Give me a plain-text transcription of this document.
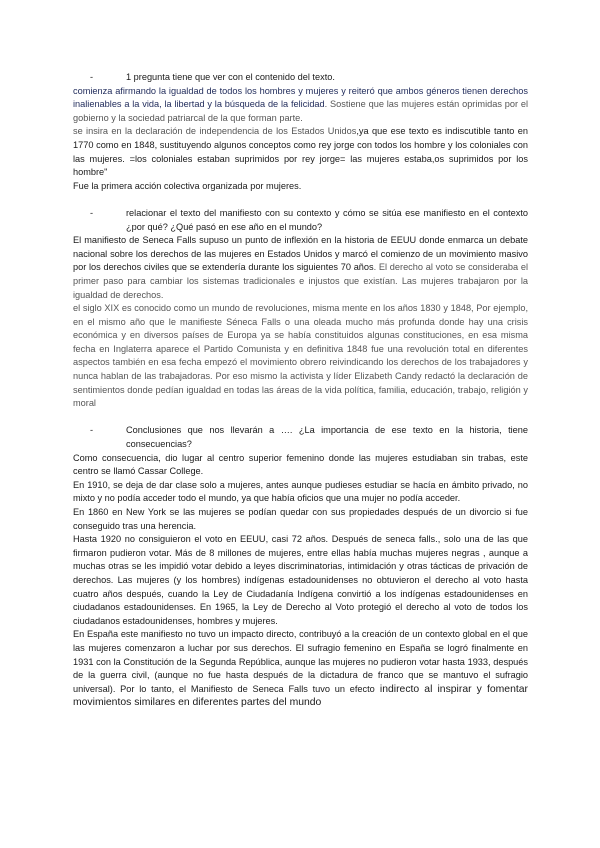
-	1 pregunta tiene que ver con el contenido del texto.

comienza afirmando la igualdad de todos los hombres y mujeres y reiteró que ambos géneros tienen derechos inalienables a la vida, la libertad y la búsqueda de la felicidad. Sostiene que las mujeres están oprimidas por el gobierno y la sociedad patriarcal de la que forman parte.

se insira en la declaración de independencia de los Estados Unidos,ya que ese texto es indiscutible tanto en 1770 como en 1848, sustituyendo algunos conceptos como rey jorge con todos los hombre y los coloniales con las mujeres. =los coloniales estaban suprimidos por rey jorge= las mujeres estaba,os suprimidos por los hombre"

Fue la primera acción colectiva organizada por mujeres.

-	relacionar el texto del manifiesto con su contexto y cómo se sitúa ese manifiesto en el contexto ¿por qué? ¿Qué pasó en ese año en el mundo?

El manifiesto de Seneca Falls supuso un punto de inflexión en la historia de EEUU donde enmarca un debate nacional sobre los derechos de las mujeres en Estados Unidos y marcó el comienzo de un movimiento masivo por los derechos civiles que se extendería durante los siguientes 70 años. El derecho al voto se consideraba el primer paso para cambiar los sistemas tradicionales e injustos que existían. Las mujeres trabajaron por la igualdad de derechos.

el siglo XIX es conocido como un mundo de revoluciones, misma mente en los años 1830 y 1848, Por ejemplo, en el mismo año que le manifieste Séneca Falls o una oleada mucho más profunda donde hay una crisis económica y en diversos países de Europa ya se había constituidos algunas constituciones, en esa misma fecha en Inglaterra aparece el Partido Comunista y en definitiva 1848 fue una revolución total en diferentes aspectos también en esa fecha empezó el movimiento obrero reivindicando los derechos de los trabajadores y nunca hablan de las trabajadoras. Por eso mismo la activista y líder Elizabeth Candy redactó la declaración de sentimientos donde pedían igualdad en todas las áreas de la vida política, familia, educación, trabajo, religión y moral

-	Conclusiones que nos llevarán a …. ¿La importancia de ese texto en la historia, tiene consecuencias?

Como consecuencia, dio lugar al centro superior femenino donde las mujeres estudiaban sin trabas, este centro se llamó Cassar College.

En 1910, se deja de dar clase solo a mujeres, antes aunque pudieses estudiar se hacía en ámbito privado, no mixto y no podía acceder todo el mundo, ya que había oficios que una mujer no podía acceder.

En 1860 en New York se las mujeres se podían quedar con sus propiedades después de un divorcio si fue conseguido tras una herencia.

Hasta 1920 no consiguieron el voto en EEUU, casi 72 años. Después de seneca falls., solo una de las que firmaron pudieron votar. Más de 8 millones de mujeres, entre ellas había muchas mujeres negras , aunque a muchas otras se les impidió votar debido a leyes discriminatorias, intimidación y otras tácticas de privación de derechos. Las mujeres (y los hombres) indígenas estadounidenses no obtuvieron el derecho al voto hasta cuatro años después, cuando la Ley de Ciudadanía Indígena convirtió a los indígenas estadounidenses en ciudadanos estadounidenses. En 1965, la Ley de Derecho al Voto protegió el derecho al voto de todos los ciudadanos estadounidenses, hombres y mujeres.

En España este manifiesto no tuvo un impacto directo, contribuyó a la creación de un contexto global en el que las mujeres comenzaron a luchar por sus derechos. El sufragio femenino en España se logró finalmente en 1931 con la Constitución de la Segunda República, aunque las mujeres no pudieron votar hasta 1933, después de la guerra civil, (aunque no fue hasta después de la dictadura de franco que se mantuvo el sufragio universal). Por lo tanto, el Manifiesto de Seneca Falls tuvo un efecto indirecto al inspirar y fomentar movimientos similares en diferentes partes del mundo
